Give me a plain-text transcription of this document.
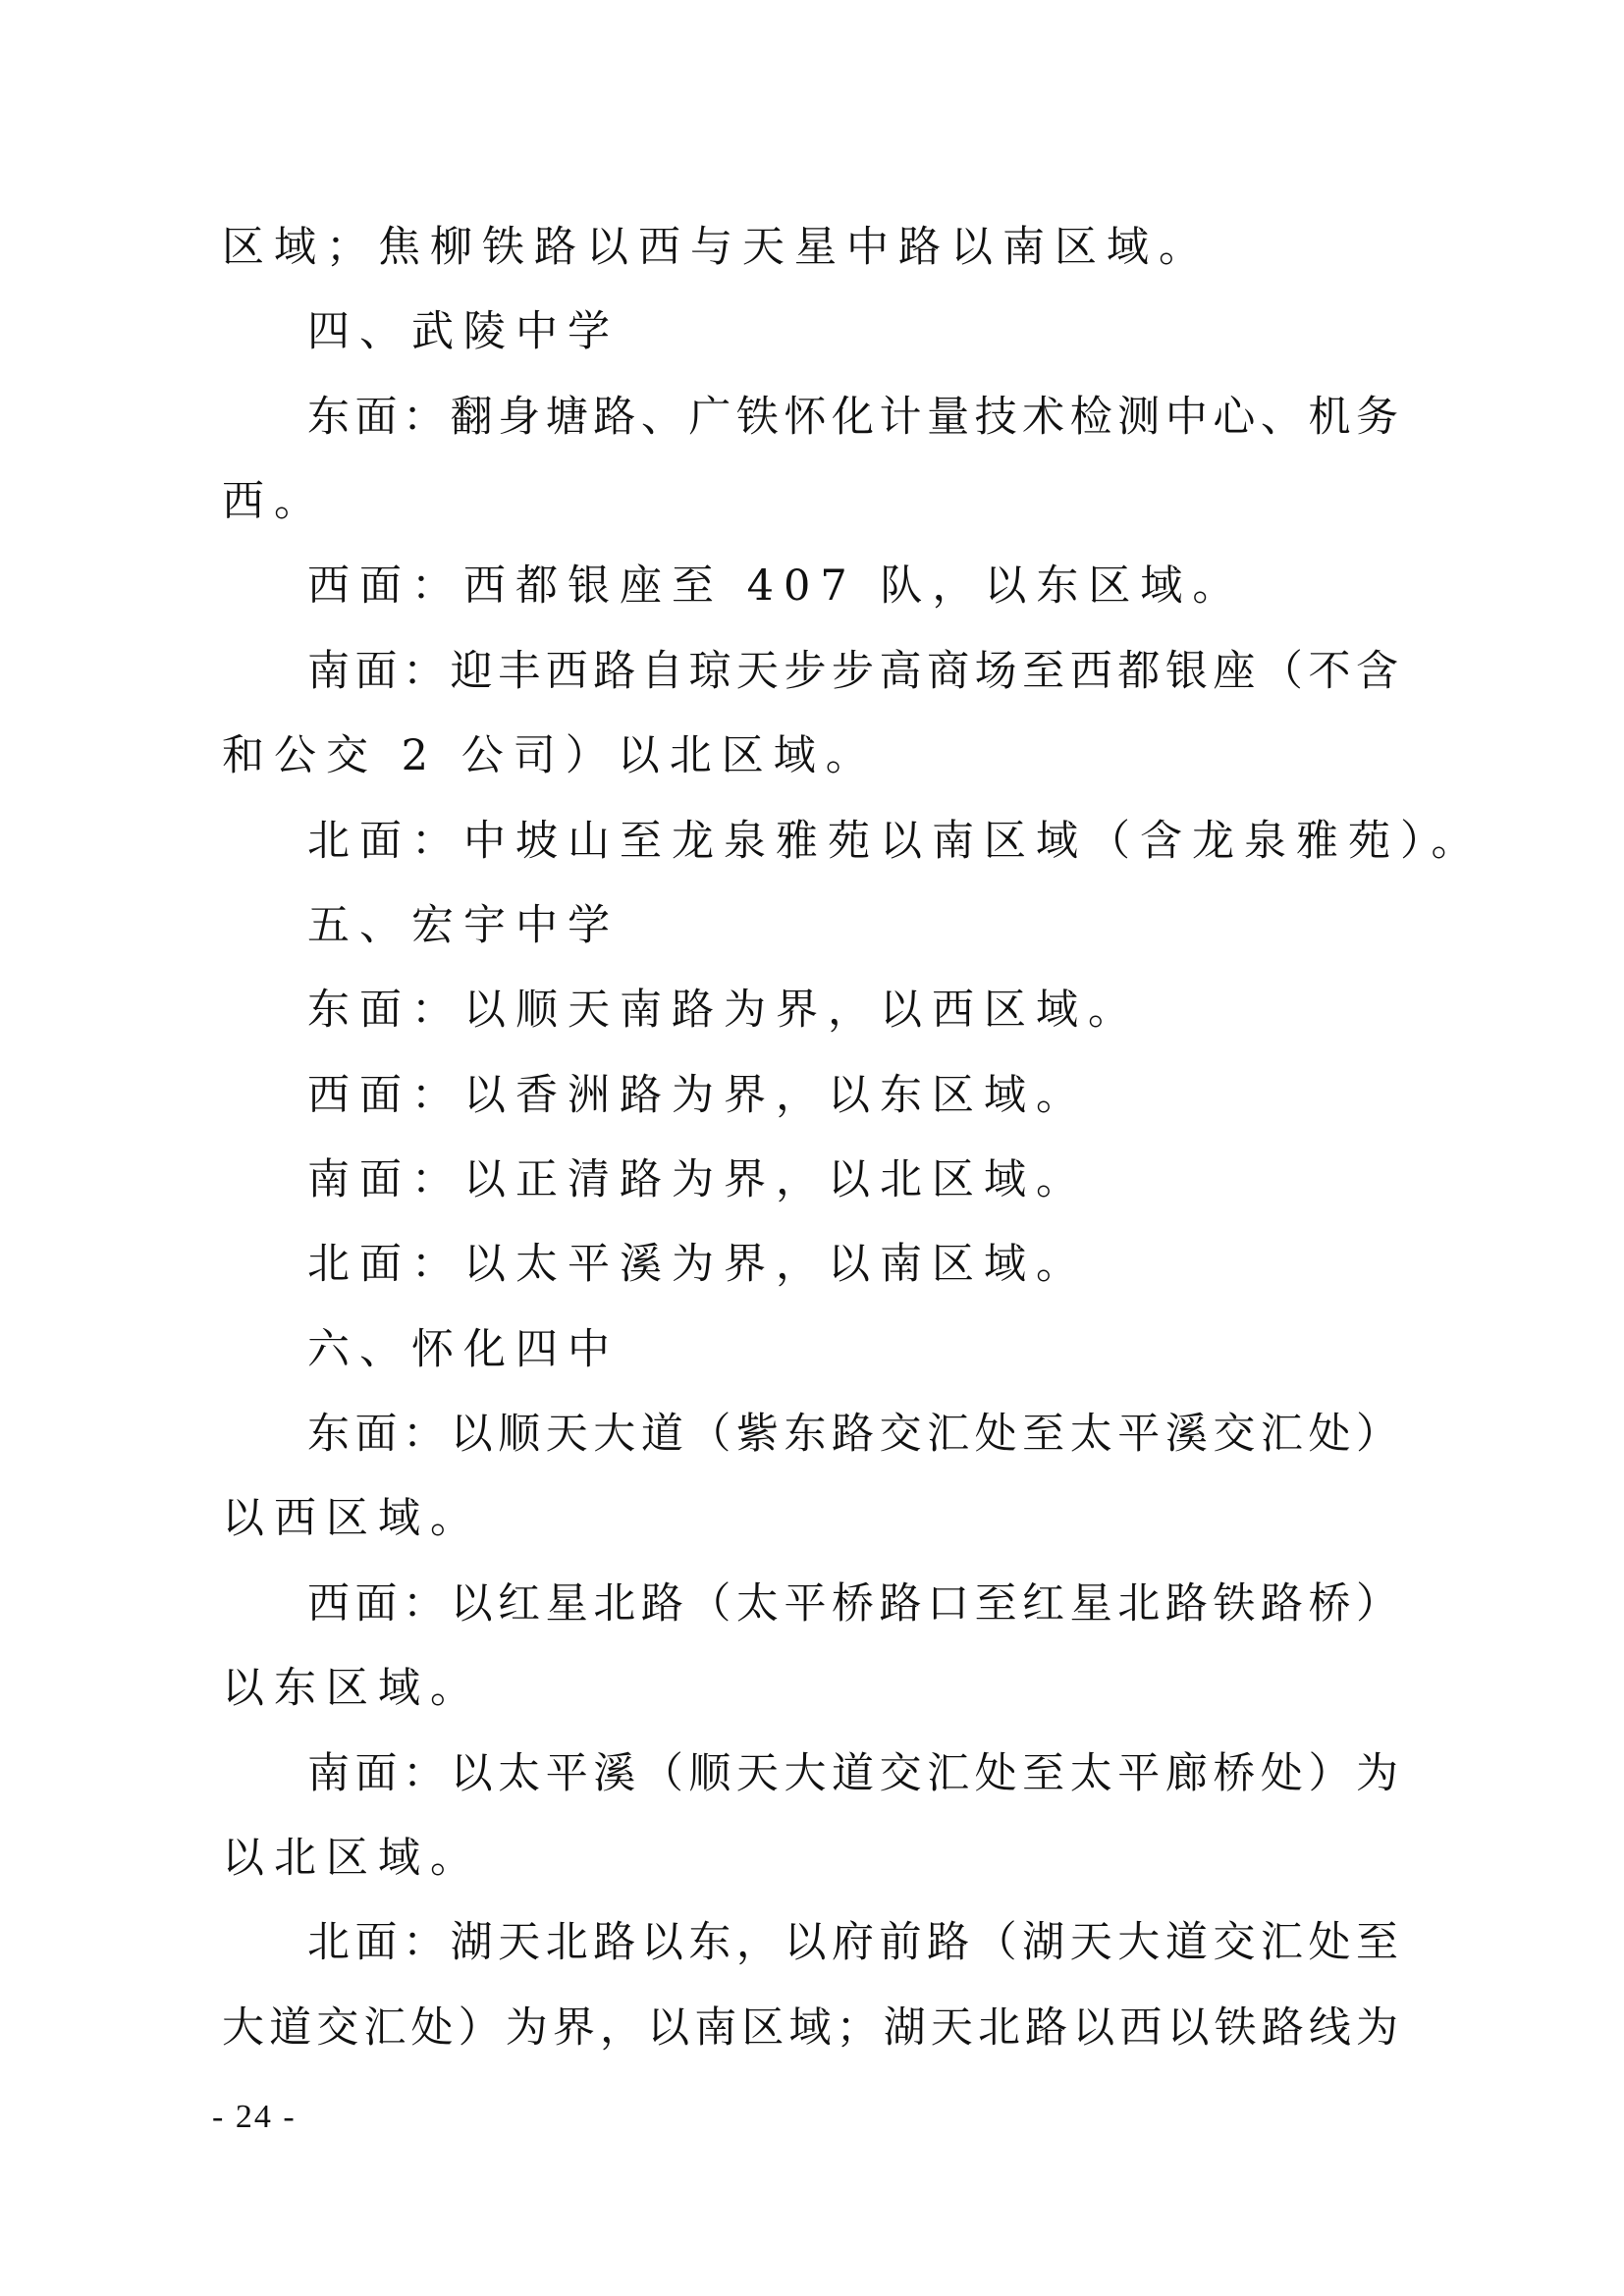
区域；焦柳铁路以西与天星中路以南区域。
四、武陵中学
东面：翻身塘路、广铁怀化计量技术检测中心、机务
西。
西面：西都银座至 407 队，以东区域。
南面：迎丰西路自琼天步步高商场至西都银座（不含
和公交 2 公司）以北区域。
北面：中坡山至龙泉雅苑以南区域（含龙泉雅苑）。
五、宏宇中学
东面：以顺天南路为界，以西区域。
西面：以香洲路为界，以东区域。
南面：以正清路为界，以北区域。
北面：以太平溪为界，以南区域。
六、怀化四中
东面：以顺天大道（紫东路交汇处至太平溪交汇处）
以西区域。
西面：以红星北路（太平桥路口至红星北路铁路桥）
以东区域。
南面：以太平溪（顺天大道交汇处至太平廊桥处）为
以北区域。
北面：湖天北路以东，以府前路（湖天大道交汇处至
大道交汇处）为界，以南区域；湖天北路以西以铁路线为
- 24 -
